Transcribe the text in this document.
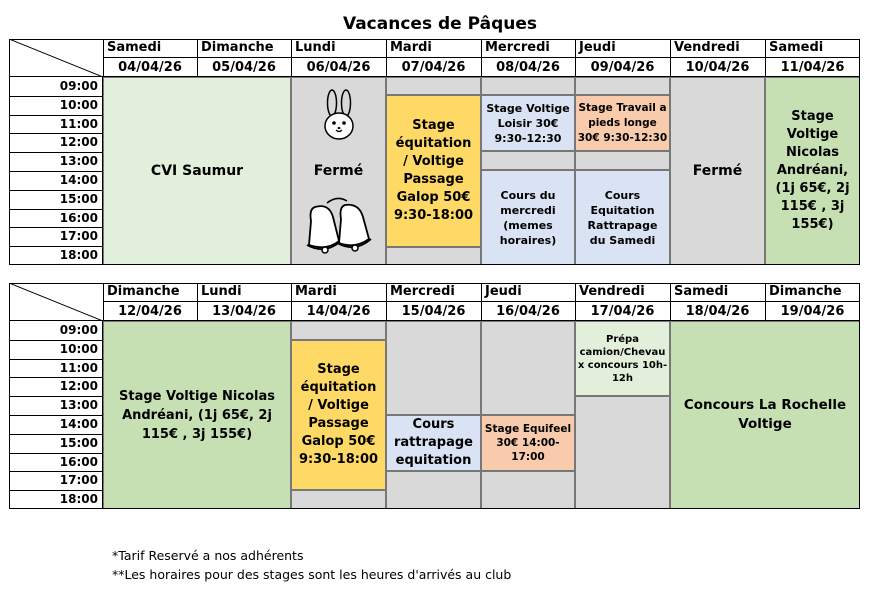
Vacances de Pâques
CVI Saumur	Fermé
Stage
équitation
/ Voltige
Passage
Galop 50€
9:30-18:00
Stage Voltige
Loisir 30€
9:30-12:30
Cours du
mercredi
(memes
horaires)
Stage Travail a
pieds longe
30€ 9:30-12:30
Cours
Equitation
Rattrapage
du Samedi
Fermé
Stage
Voltige
Nicolas
Andréani,
(1j 65€, 2j
115€ , 3j
155€)
Samedi
04/04/26
Dimanche
05/04/26
Lundi
06/04/26
Mardi
07/04/26
Mercredi
08/04/26
Jeudi
09/04/26
Vendredi
10/04/26
Samedi
11/04/26
09:00
10:00
11:00
12:00
13:00
14:00
15:00
16:00
17:00
18:00
Stage Voltige Nicolas
Andréani, (1j 65€, 2j
115€ , 3j 155€)
Stage
équitation
/ Voltige
Passage
Galop 50€
9:30-18:00
Cours
rattrapage
equitation
Stage Equifeel
30€ 14:00-
17:00
Prépa
camion/Chevau
x concours 10h-
12h
Concours La Rochelle
Voltige
Dimanche
12/04/26
Lundi
13/04/26
Mardi
14/04/26
Mercredi
15/04/26
Jeudi
16/04/26
Vendredi
17/04/26
Samedi
18/04/26
Dimanche
19/04/26
09:00
10:00
11:00
12:00
13:00
14:00
15:00
16:00
17:00
18:00
*Tarif Reservé a nos adhérents
**Les horaires pour des stages sont les heures d'arrivés au club
